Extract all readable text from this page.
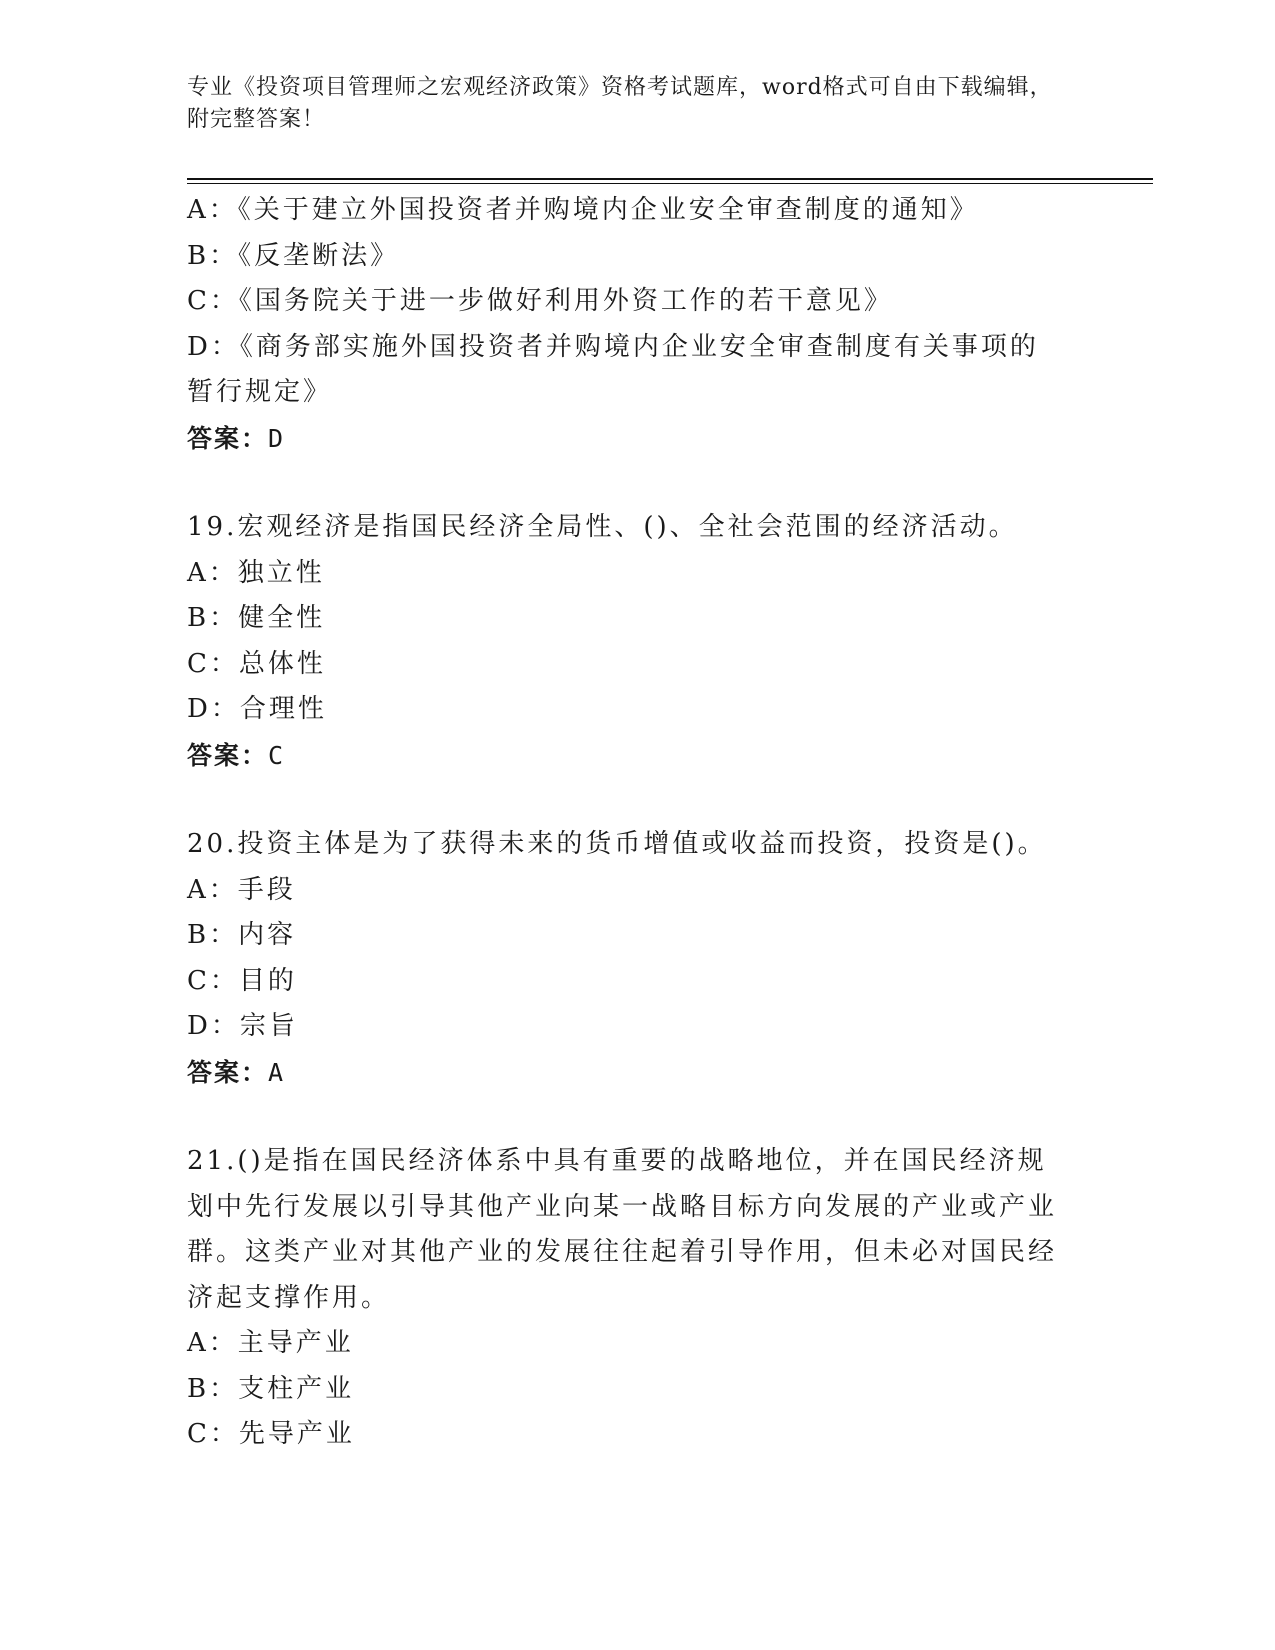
专业《投资项目管理师之宏观经济政策》资格考试题库，word格式可自由下载编辑，附完整答案！
A：《关于建立外国投资者并购境内企业安全审查制度的通知》
B：《反垄断法》
C：《国务院关于进一步做好利用外资工作的若干意见》
D：《商务部实施外国投资者并购境内企业安全审查制度有关事项的暂行规定》
答案：D
19.宏观经济是指国民经济全局性、()、全社会范围的经济活动。
A：独立性
B：健全性
C：总体性
D：合理性
答案：C
20.投资主体是为了获得未来的货币增值或收益而投资，投资是()。
A：手段
B：内容
C：目的
D：宗旨
答案：A
21.()是指在国民经济体系中具有重要的战略地位，并在国民经济规划中先行发展以引导其他产业向某一战略目标方向发展的产业或产业群。这类产业对其他产业的发展往往起着引导作用，但未必对国民经济起支撑作用。
A：主导产业
B：支柱产业
C：先导产业
